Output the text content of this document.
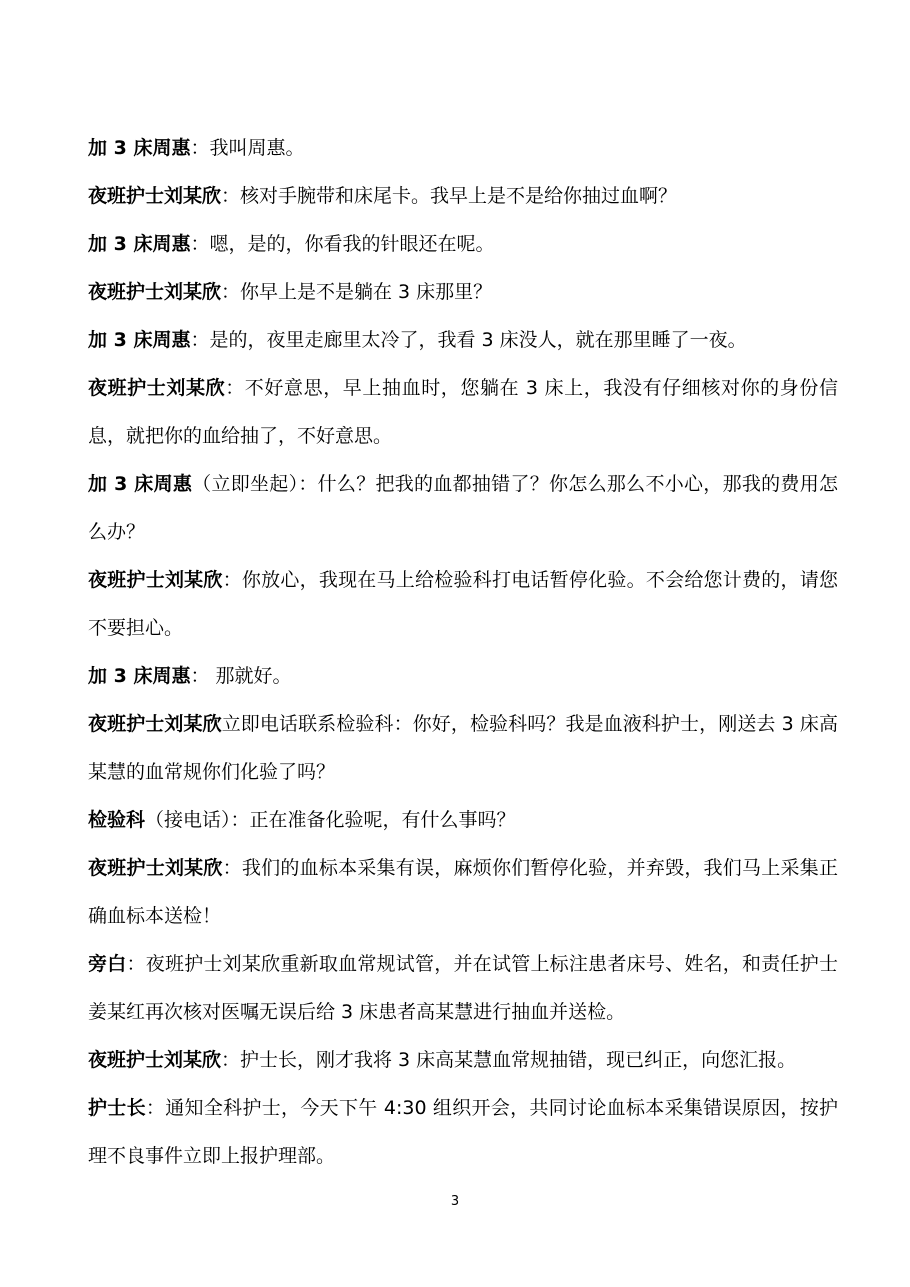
加 3 床周惠：我叫周惠。

夜班护士刘某欣：核对手腕带和床尾卡。我早上是不是给你抽过血啊？

加 3 床周惠：嗯，是的，你看我的针眼还在呢。

夜班护士刘某欣：你早上是不是躺在 3 床那里？

加 3 床周惠：是的，夜里走廊里太冷了，我看 3 床没人，就在那里睡了一夜。

夜班护士刘某欣：不好意思，早上抽血时，您躺在 3 床上，我没有仔细核对你的身份信息，就把你的血给抽了，不好意思。

加 3 床周惠（立即坐起）：什么？把我的血都抽错了？你怎么那么不小心，那我的费用怎么办？

夜班护士刘某欣：你放心，我现在马上给检验科打电话暂停化验。不会给您计费的，请您不要担心。

加 3 床周惠： 那就好。

夜班护士刘某欣立即电话联系检验科：你好，检验科吗？我是血液科护士，刚送去 3 床高某慧的血常规你们化验了吗？

检验科（接电话）：正在准备化验呢，有什么事吗？

夜班护士刘某欣：我们的血标本采集有误，麻烦你们暂停化验，并弃毁，我们马上采集正确血标本送检！

旁白：夜班护士刘某欣重新取血常规试管，并在试管上标注患者床号、姓名，和责任护士姜某红再次核对医嘱无误后给 3 床患者高某慧进行抽血并送检。

夜班护士刘某欣：护士长，刚才我将 3 床高某慧血常规抽错，现已纠正，向您汇报。

护士长：通知全科护士，今天下午 4:30 组织开会，共同讨论血标本采集错误原因，按护理不良事件立即上报护理部。

3
